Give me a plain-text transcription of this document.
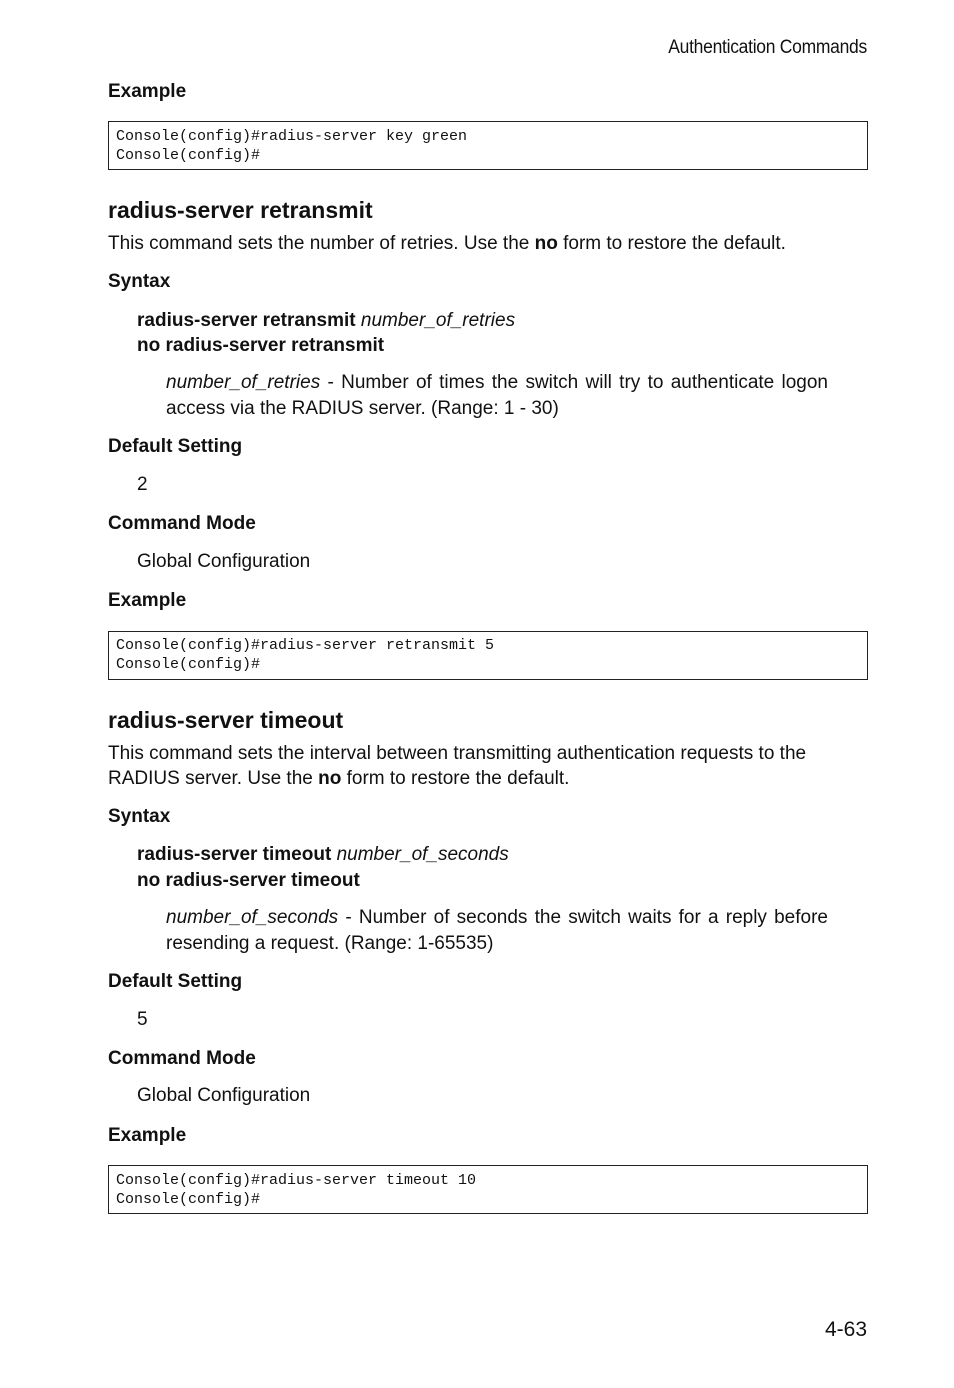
Authentication Commands
Example
Console(config)#radius-server key green
Console(config)#
radius-server retransmit
This command sets the number of retries. Use the no form to restore the default.
Syntax
radius-server retransmit number_of_retries
no radius-server retransmit
number_of_retries - Number of times the switch will try to authenticate logon access via the RADIUS server. (Range: 1 - 30)
Default Setting
2
Command Mode
Global Configuration
Example
Console(config)#radius-server retransmit 5
Console(config)#
radius-server timeout
This command sets the interval between transmitting authentication requests to the RADIUS server. Use the no form to restore the default.
Syntax
radius-server timeout number_of_seconds
no radius-server timeout
number_of_seconds - Number of seconds the switch waits for a reply before resending a request. (Range: 1-65535)
Default Setting
5
Command Mode
Global Configuration
Example
Console(config)#radius-server timeout 10
Console(config)#
4-63
